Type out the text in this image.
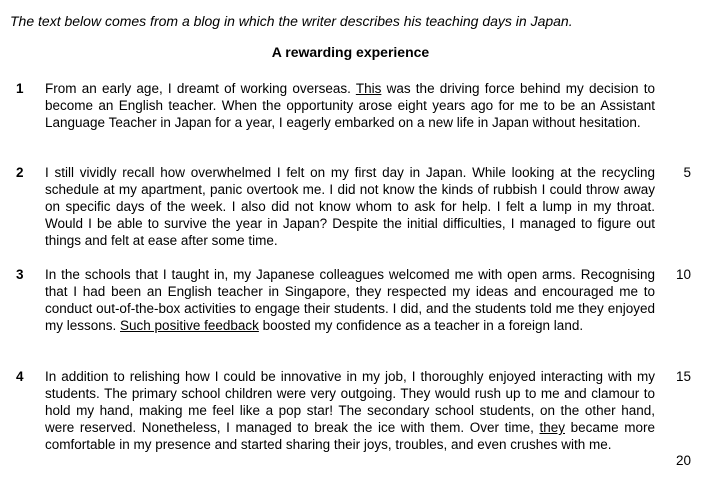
The text below comes from a blog in which the writer describes his teaching days in Japan.
A rewarding experience
1 From an early age, I dreamt of working overseas. This was the driving force behind my decision to become an English teacher. When the opportunity arose eight years ago for me to be an Assistant Language Teacher in Japan for a year, I eagerly embarked on a new life in Japan without hesitation.
2 I still vividly recall how overwhelmed I felt on my first day in Japan. While looking at the recycling schedule at my apartment, panic overtook me. I did not know the kinds of rubbish I could throw away on specific days of the week. I also did not know whom to ask for help. I felt a lump in my throat. Would I be able to survive the year in Japan? Despite the initial difficulties, I managed to figure out things and felt at ease after some time.
3 In the schools that I taught in, my Japanese colleagues welcomed me with open arms. Recognising that I had been an English teacher in Singapore, they respected my ideas and encouraged me to conduct out-of-the-box activities to engage their students. I did, and the students told me they enjoyed my lessons. Such positive feedback boosted my confidence as a teacher in a foreign land.
4 In addition to relishing how I could be innovative in my job, I thoroughly enjoyed interacting with my students. The primary school children were very outgoing. They would rush up to me and clamour to hold my hand, making me feel like a pop star! The secondary school students, on the other hand, were reserved. Nonetheless, I managed to break the ice with them. Over time, they became more comfortable in my presence and started sharing their joys, troubles, and even crushes with me.
5
10
15
20
